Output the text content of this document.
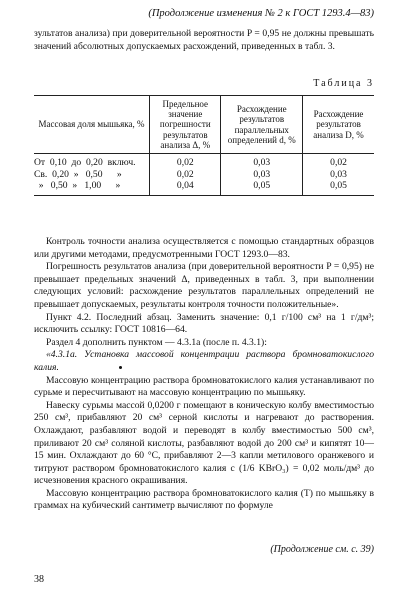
(Продолжение изменения № 2 к ГОСТ 1293.4—83)

зультатов анализа) при доверительной вероятности P = 0,95 не должны превышать значений абсолютных допускаемых расхождений, приведенных в табл. 3.

Таблица 3
Массовая доля мышьяка, %	Предельное значение погрешности результатов анализа Δ, %	Расхождение результатов параллельных определений d, %	Расхождение результатов анализа D, %
От  0,10  до  0,20  включ.	0,02	0,03	0,02
Св.  0,20  »   0,50      »	0,02	0,03	0,03
»   0,50  »   1,00      »	0,04	0,05	0,05

Контроль точности анализа осуществляется с помощью стандартных образцов или другими методами, предусмотренными ГОСТ 1293.0—83.

Погрешность результатов анализа (при доверительной вероятности P = 0,95) не превышает предельных значений Δ, приведенных в табл. 3, при выполнении следующих условий: расхождение результатов параллельных определений не превышает допускаемых, результаты контроля точности положительные».

Пункт 4.2. Последний абзац. Заменить значение: 0,1 г/100 см³ на 1 г/дм³; исключить ссылку: ГОСТ 10816—64.

Раздел 4 дополнить пунктом — 4.3.1а (после п. 4.3.1):

«4.3.1а. Установка массовой концентрации раствора бромноватокислого калия.

Массовую концентрацию раствора бромноватокислого калия устанавливают по сурьме и пересчитывают на массовую концентрацию по мышьяку.

Навеску сурьмы массой 0,0200 г помещают в коническую колбу вместимостью 250 см³, прибавляют 20 см³ серной кислоты и нагревают до растворения. Охлаждают, разбавляют водой и переводят в колбу вместимостью 500 см³, приливают 20 см³ соляной кислоты, разбавляют водой до 200 см³ и кипятят 10—15 мин. Охлаждают до 60 °С, прибавляют 2—3 капли метилового оранжевого и титруют раствором бромноватокислого калия с (1/6 KBrO₃) = 0,02 моль/дм³ до исчезновения красного окрашивания.

Массовую концентрацию раствора бромноватокислого калия (T) по мышьяку в граммах на кубический сантиметр вычисляют по формуле

(Продолжение см. с. 39)
38
